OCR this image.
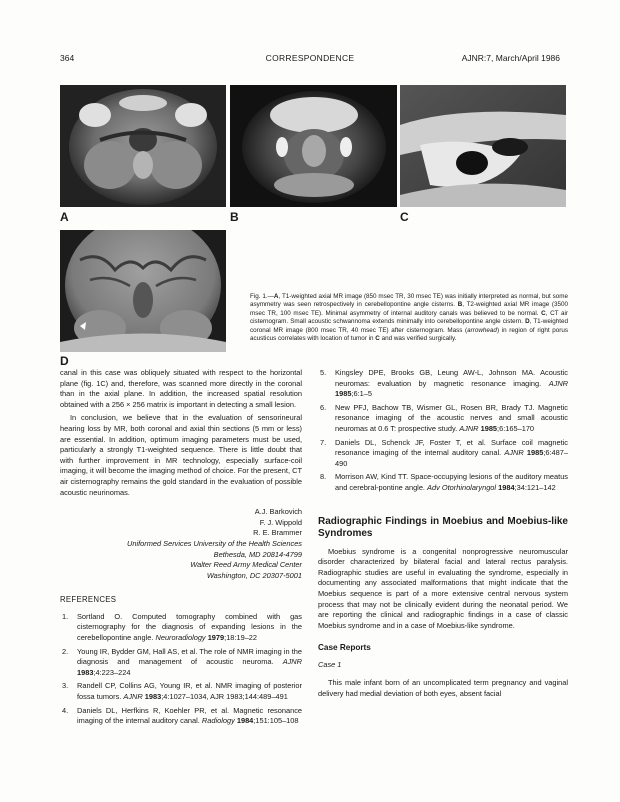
364	CORRESPONDENCE	AJNR:7, March/April 1986
A	B	C
D
Fig. 1.—A, T1-weighted axial MR image (850 msec TR, 30 msec TE) was initially interpreted as normal, but some asymmetry was seen retrospectively in cerebellopontine angle cisterns. B, T2-weighted axial MR image (3500 msec TR, 100 msec TE). Minimal asymmetry of internal auditory canals was believed to be normal. C, CT air cisternogram. Small acoustic schwannoma extends minimally into cerebellopontine angle cistern. D, T1-weighted coronal MR image (800 msec TR, 40 msec TE) after cisternogram. Mass (arrowhead) in region of right porus acusticus correlates with location of tumor in C and was verified surgically.

canal in this case was obliquely situated with respect to the horizontal plane (fig. 1C) and, therefore, was scanned more directly in the coronal than in the axial plane. In addition, the increased spatial resolution obtained with a 256 × 256 matrix is important in detecting a small lesion.

In conclusion, we believe that in the evaluation of sensorineural hearing loss by MR, both coronal and axial thin sections (5 mm or less) are essential. In addition, optimum imaging parameters must be used, particularly a strongly T1-weighted sequence. There is little doubt that with further improvement in MR technology, especially surface-coil imaging, it will become the imaging method of choice. For the present, CT air cisternography remains the gold standard in the evaluation of possible acoustic neurinomas.

A.J. Barkovich
F. J. Wippold
R. E. Brammer
Uniformed Services University of the Health Sciences
Bethesda, MD 20814-4799
Walter Reed Army Medical Center
Washington, DC 20307-5001
REFERENCES
1. Sortland O. Computed tomography combined with gas cisternography for the diagnosis of expanding lesions in the cerebellopontine angle. Neuroradiology 1979;18:19–22
2. Young IR, Bydder GM, Hall AS, et al. The role of NMR imaging in the diagnosis and management of acoustic neuroma. AJNR 1983;4:223–224
3. Randell CP, Collins AG, Young IR, et al. NMR imaging of posterior fossa tumors. AJNR 1983;4:1027–1034, AJR 1983;144:489–491
4. Daniels DL, Herfkins R, Koehler PR, et al. Magnetic resonance imaging of the internal auditory canal. Radiology 1984;151:105–108
5. Kingsley DPE, Brooks GB, Leung AW-L, Johnson MA. Acoustic neuromas: evaluation by magnetic resonance imaging. AJNR 1985;6:1–5
6. New PFJ, Bachow TB, Wismer GL, Rosen BR, Brady TJ. Magnetic resonance imaging of the acoustic nerves and small acoustic neuromas at 0.6 T: prospective study. AJNR 1985;6:165–170
7. Daniels DL, Schenck JF, Foster T, et al. Surface coil magnetic resonance imaging of the internal auditory canal. AJNR 1985;6:487–490
8. Morrison AW, Kind TT. Space-occupying lesions of the auditory meatus and cerebral-pontine angle. Adv Otorhinolaryngol 1984;34:121–142
Radiographic Findings in Moebius and Moebius-like Syndromes

Moebius syndrome is a congenital nonprogressive neuromuscular disorder characterized by bilateral facial and lateral rectus paralysis. Radiographic studies are useful in evaluating the syndrome, especially in documenting any associated malformations that might indicate that the Moebius sequence is part of a more extensive central nervous system process that may not be clinically evident during the neonatal period. We are reporting the clinical and radiographic findings in a case of classic Moebius syndrome and in a case of Moebius-like syndrome.

Case Reports
Case 1

This male infant born of an uncomplicated term pregnancy and vaginal delivery had medial deviation of both eyes, absent facial
